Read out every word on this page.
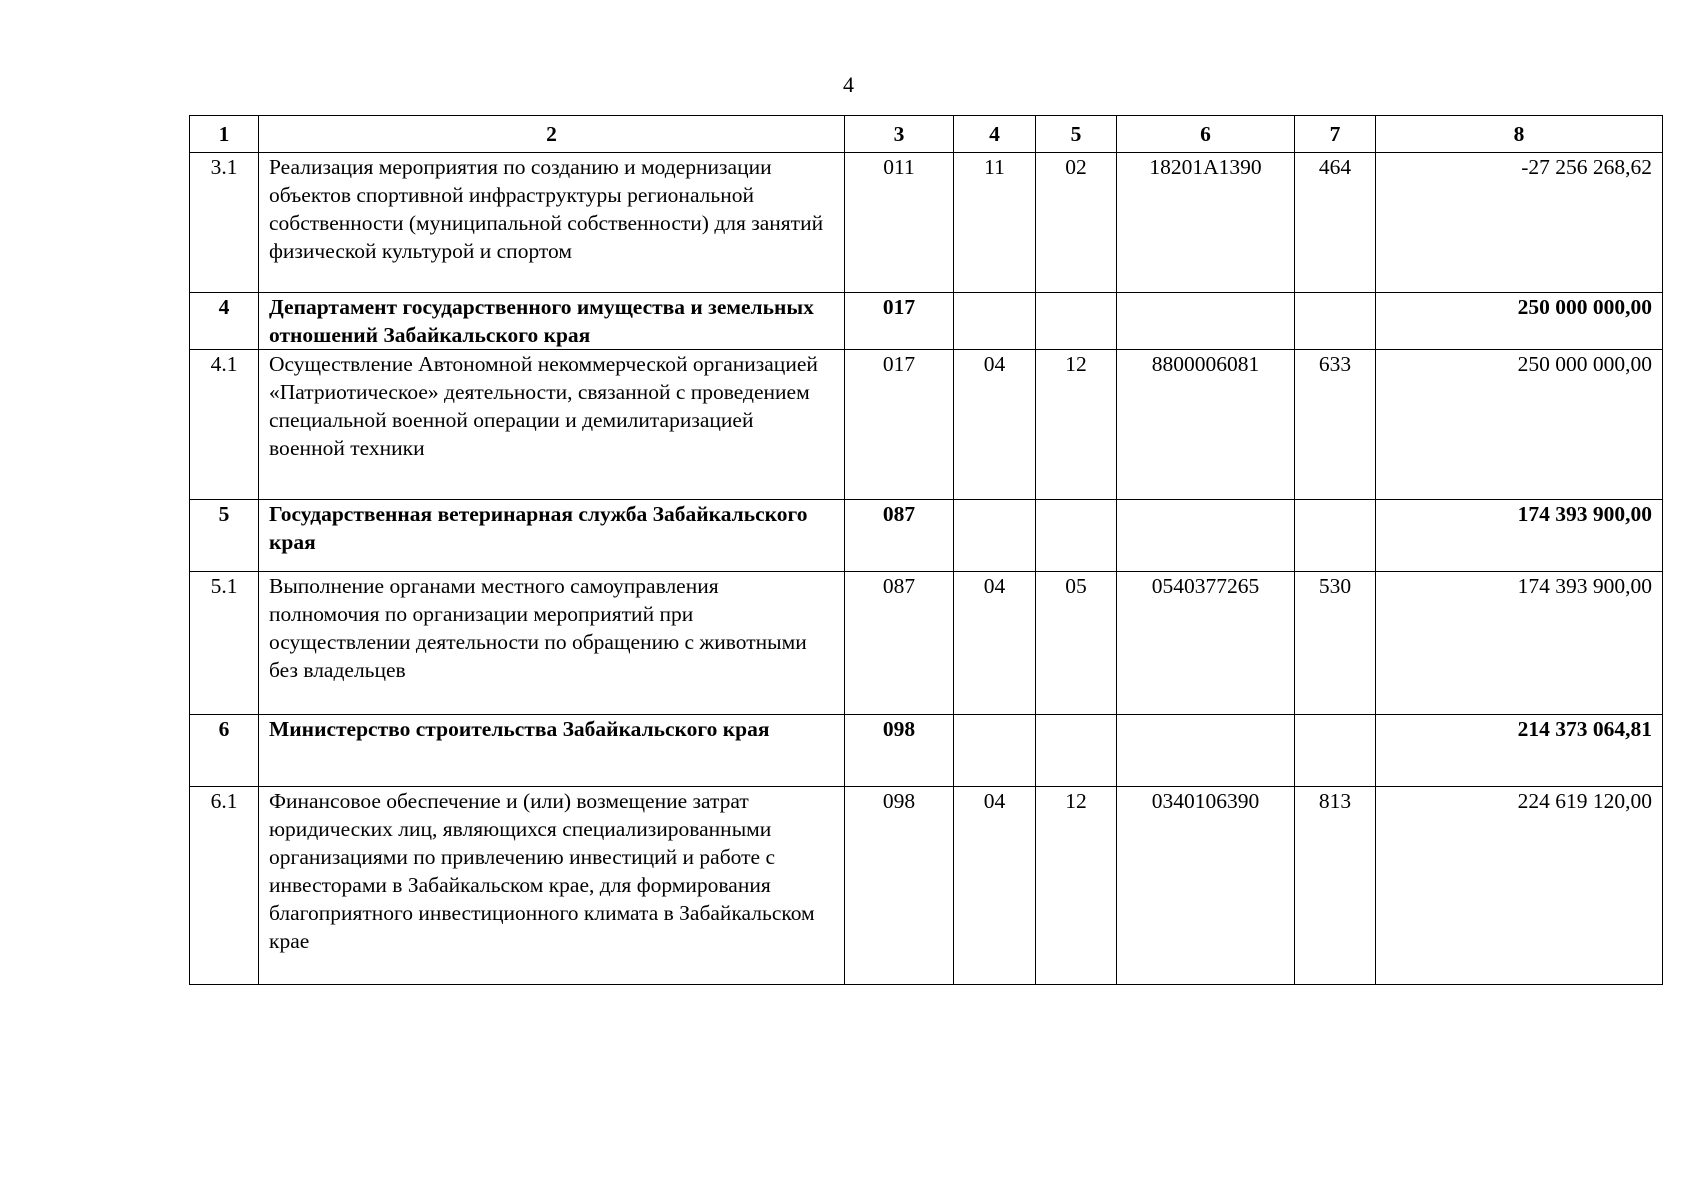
4
1	2	3	4	5	6	7	8
3.1	Реализация мероприятия по созданию и модернизации объектов спортивной инфраструктуры региональной собственности (муниципальной собственности) для занятий физической культурой и спортом	011	11	02	18201А1390	464	-27 256 268,62
4	Департамент государственного имущества и земельных отношений Забайкальского края	017					250 000 000,00
4.1	Осуществление Автономной некоммерческой организацией «Патриотическое» деятельности, связанной с проведением специальной военной операции и демилитаризацией военной техники	017	04	12	8800006081	633	250 000 000,00
5	Государственная ветеринарная служба Забайкальского края	087					174 393 900,00
5.1	Выполнение органами местного самоуправления полномочия по организации мероприятий при осуществлении деятельности по обращению с животными без владельцев	087	04	05	0540377265	530	174 393 900,00
6	Министерство строительства Забайкальского края	098					214 373 064,81
6.1	Финансовое обеспечение и (или) возмещение затрат юридических лиц, являющихся специализированными организациями по привлечению инвестиций и работе с инвесторами в Забайкальском крае, для формирования благоприятного инвестиционного климата в Забайкальском крае	098	04	12	0340106390	813	224 619 120,00
